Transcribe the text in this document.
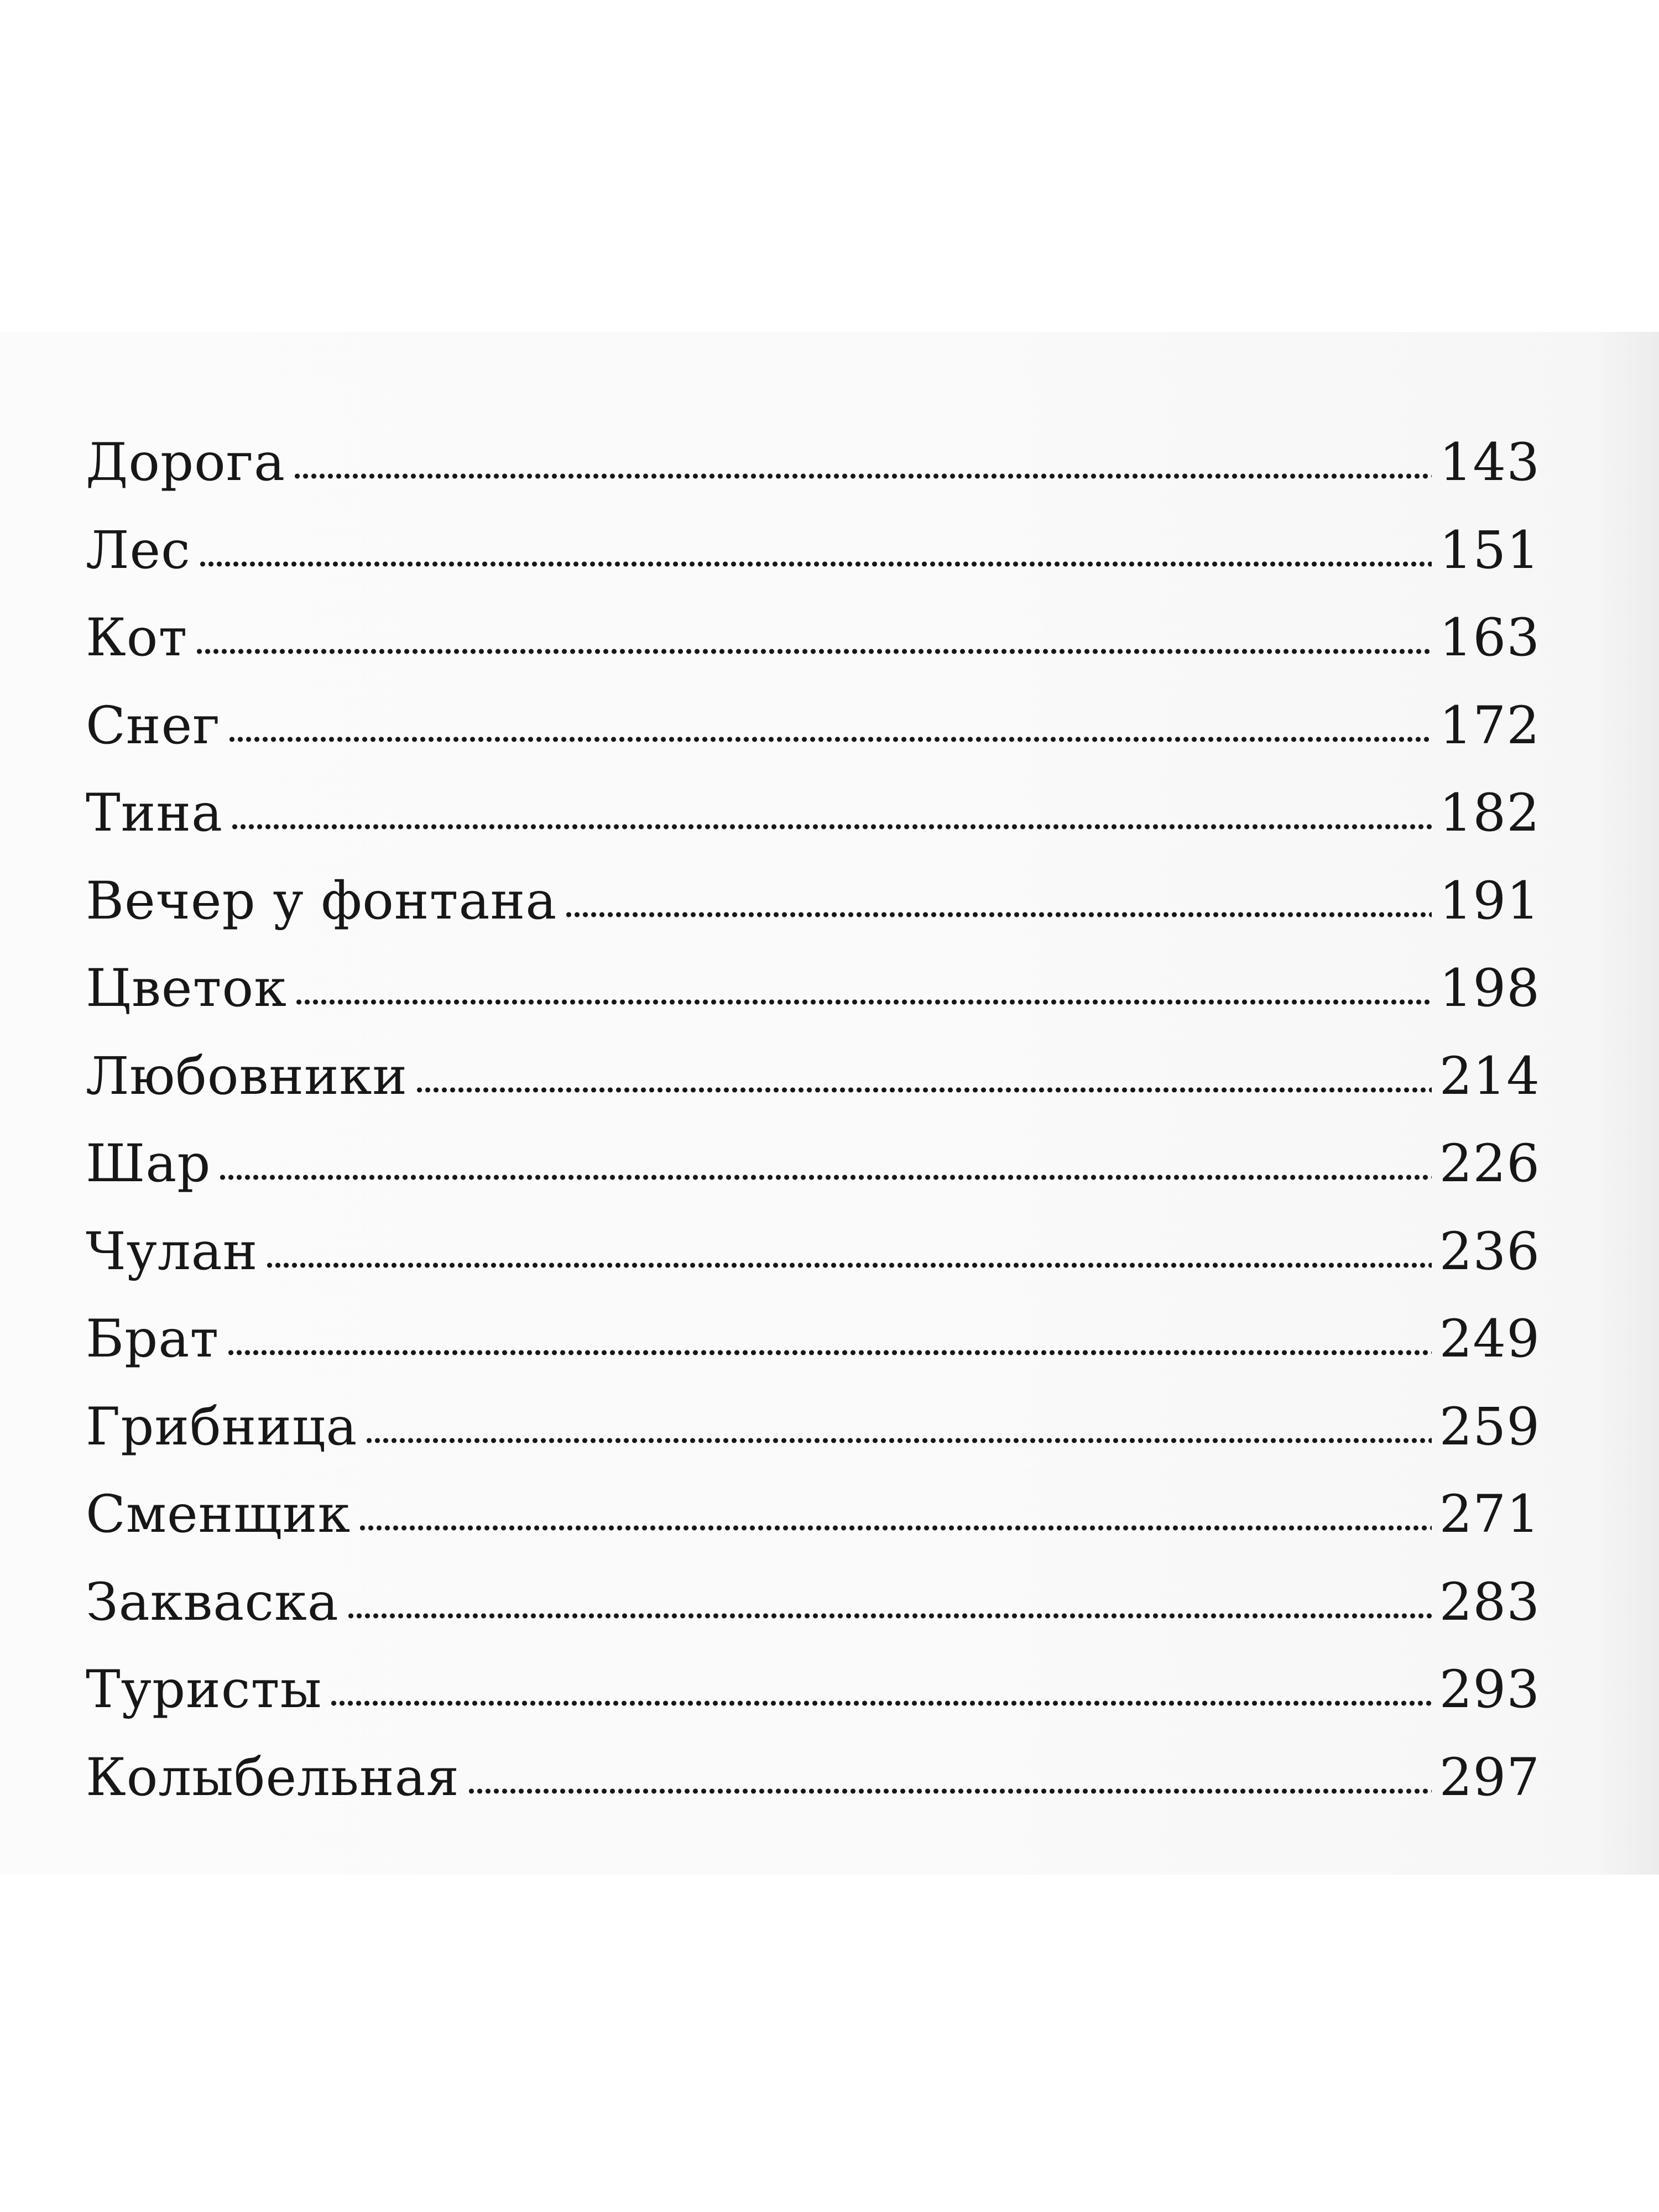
Дорога	143
Лес	151
Кот	163
Снег	172
Тина	182
Вечер у фонтана	191
Цветок	198
Любовники	214
Шар	226
Чулан	236
Брат	249
Грибница	259
Сменщик	271
Закваска	283
Туристы	293
Колыбельная	297
